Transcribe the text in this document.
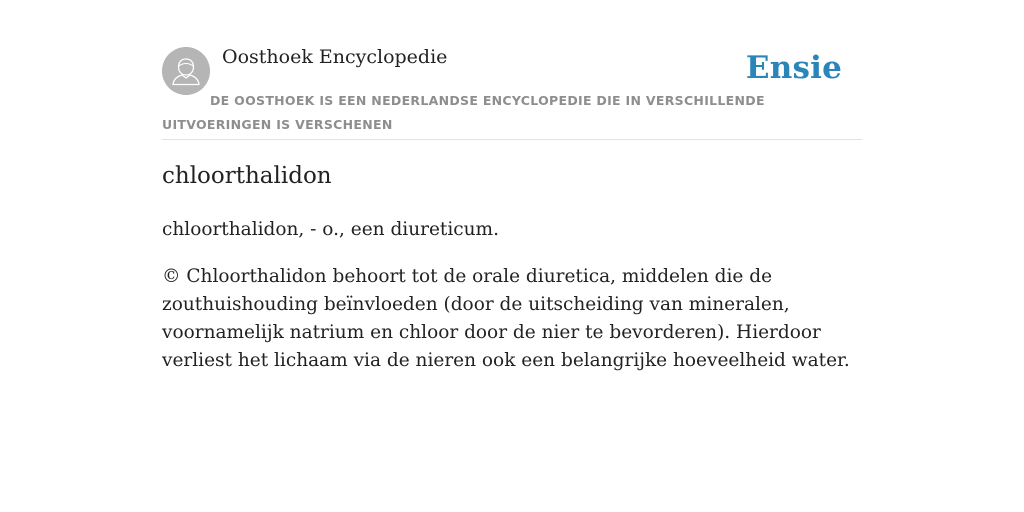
Oosthoek Encyclopedie	Ensie
DE OOSTHOEK IS EEN NEDERLANDSE ENCYCLOPEDIE DIE IN VERSCHILLENDE UITVOERINGEN IS VERSCHENEN
chloorthalidon

chloorthalidon, - o., een diureticum.

© Chloorthalidon behoort tot de orale diuretica, middelen die de zouthuishouding beïnvloeden (door de uitscheiding van mineralen, voornamelijk natrium en chloor door de nier te bevorderen). Hierdoor verliest het lichaam via de nieren ook een belangrijke hoeveelheid water.
